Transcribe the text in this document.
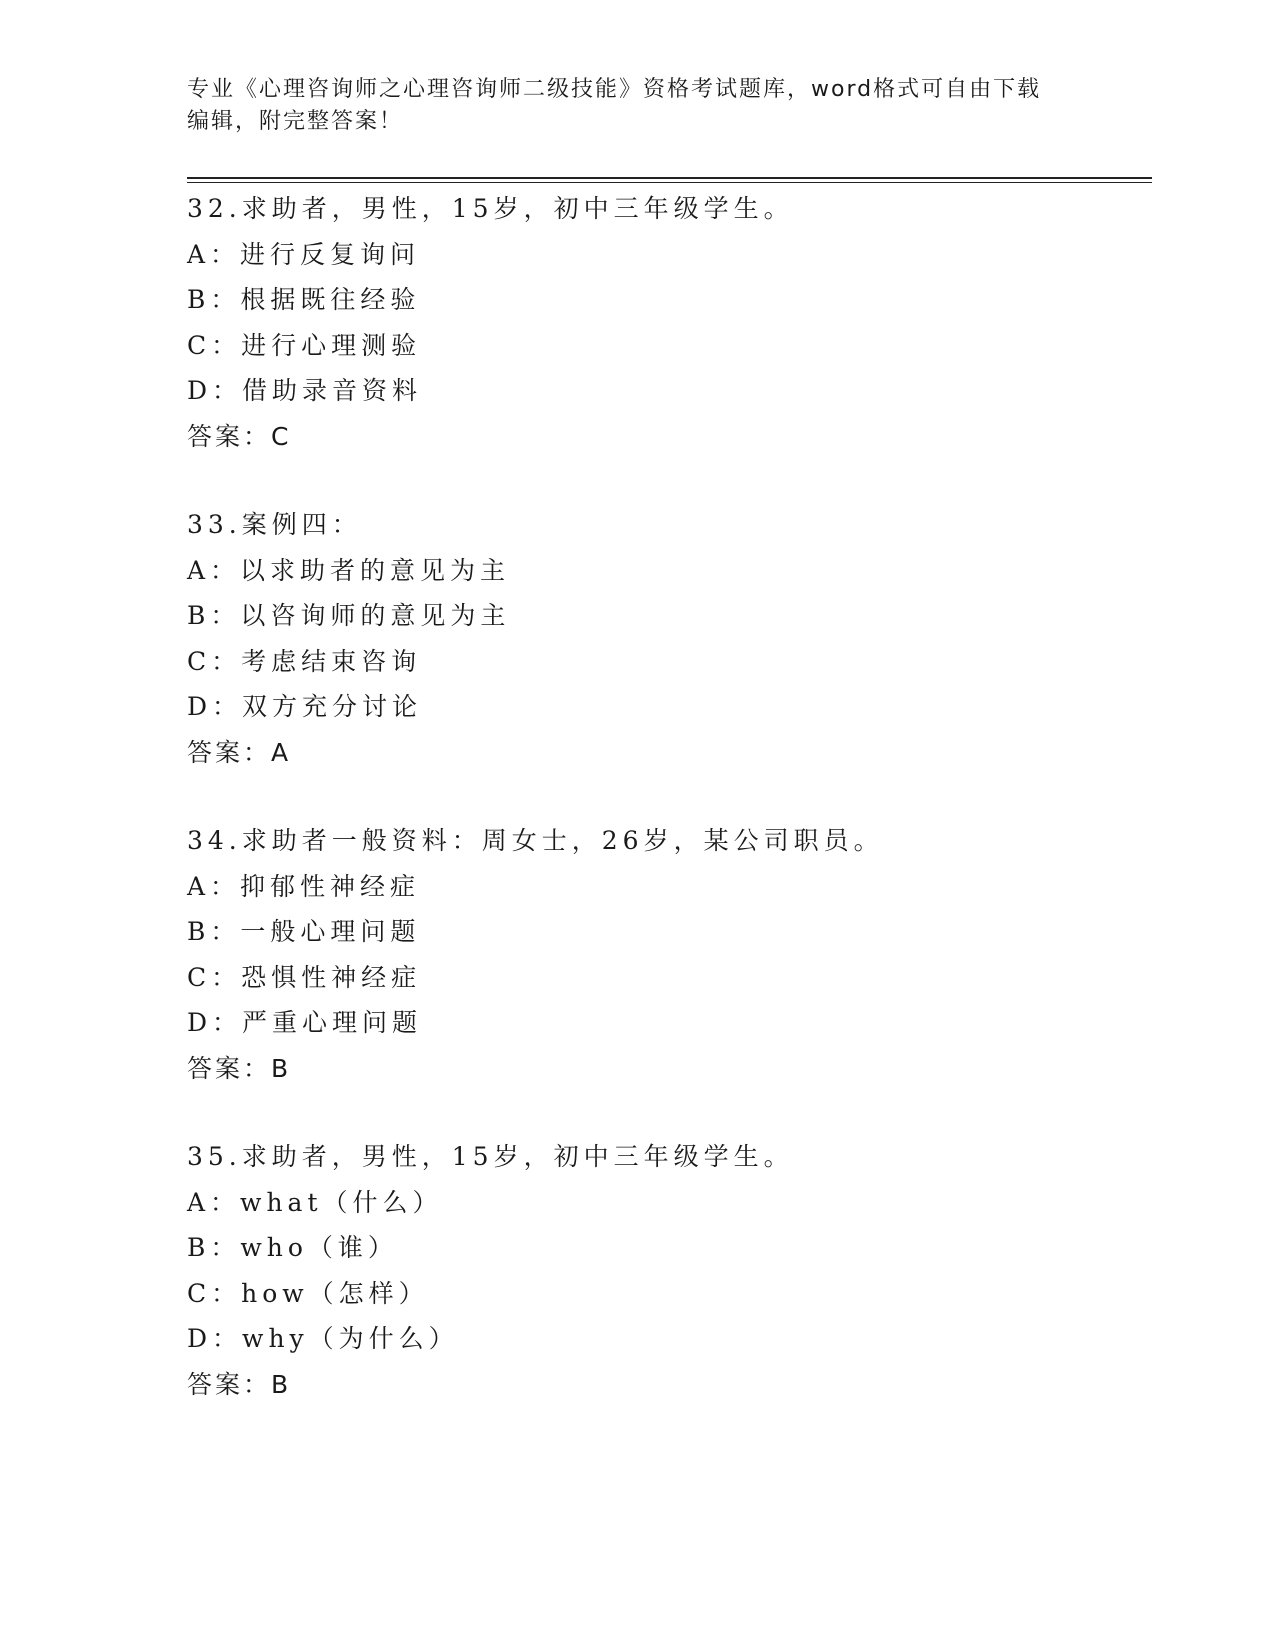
专业《心理咨询师之心理咨询师二级技能》资格考试题库，word格式可自由下载
编辑，附完整答案！
32.求助者，男性，15岁，初中三年级学生。
A：进行反复询问
B：根据既往经验
C：进行心理测验
D：借助录音资料
答案：C
33.案例四：
A：以求助者的意见为主
B：以咨询师的意见为主
C：考虑结束咨询
D：双方充分讨论
答案：A
34.求助者一般资料：周女士，26岁，某公司职员。
A：抑郁性神经症
B：一般心理问题
C：恐惧性神经症
D：严重心理问题
答案：B
35.求助者，男性，15岁，初中三年级学生。
A：what（什么）
B：who（谁）
C：how（怎样）
D：why（为什么）
答案：B
